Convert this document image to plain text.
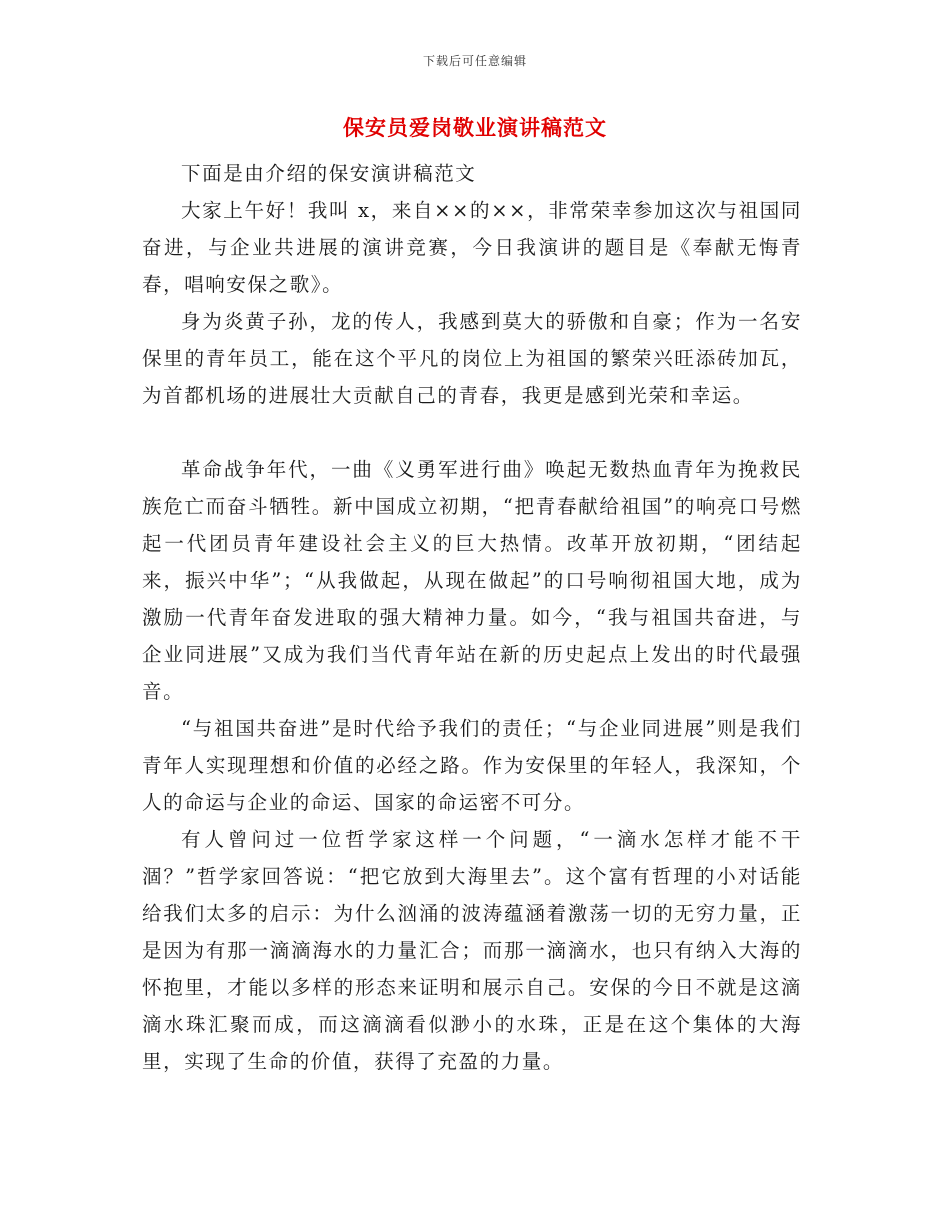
下载后可任意编辑
保安员爱岗敬业演讲稿范文

下面是由介绍的保安演讲稿范文

大家上午好！我叫 x，来自××的××，非常荣幸参加这次与祖国同奋进，与企业共进展的演讲竞赛，今日我演讲的题目是《奉献无悔青春，唱响安保之歌》。

身为炎黄子孙，龙的传人，我感到莫大的骄傲和自豪；作为一名安保里的青年员工，能在这个平凡的岗位上为祖国的繁荣兴旺添砖加瓦，为首都机场的进展壮大贡献自己的青春，我更是感到光荣和幸运。

革命战争年代，一曲《义勇军进行曲》唤起无数热血青年为挽救民族危亡而奋斗牺牲。新中国成立初期，“把青春献给祖国”的响亮口号燃起一代团员青年建设社会主义的巨大热情。改革开放初期，“团结起来，振兴中华”；“从我做起，从现在做起”的口号响彻祖国大地，成为激励一代青年奋发进取的强大精神力量。如今，“我与祖国共奋进，与企业同进展”又成为我们当代青年站在新的历史起点上发出的时代最强音。

“与祖国共奋进”是时代给予我们的责任；“与企业同进展”则是我们青年人实现理想和价值的必经之路。作为安保里的年轻人，我深知，个人的命运与企业的命运、国家的命运密不可分。

有人曾问过一位哲学家这样一个问题，“一滴水怎样才能不干涸？”哲学家回答说：“把它放到大海里去”。这个富有哲理的小对话能给我们太多的启示：为什么汹涌的波涛蕴涵着激荡一切的无穷力量，正是因为有那一滴滴海水的力量汇合；而那一滴滴水，也只有纳入大海的怀抱里，才能以多样的形态来证明和展示自己。安保的今日不就是这滴滴水珠汇聚而成，而这滴滴看似渺小的水珠，正是在这个集体的大海里，实现了生命的价值，获得了充盈的力量。
